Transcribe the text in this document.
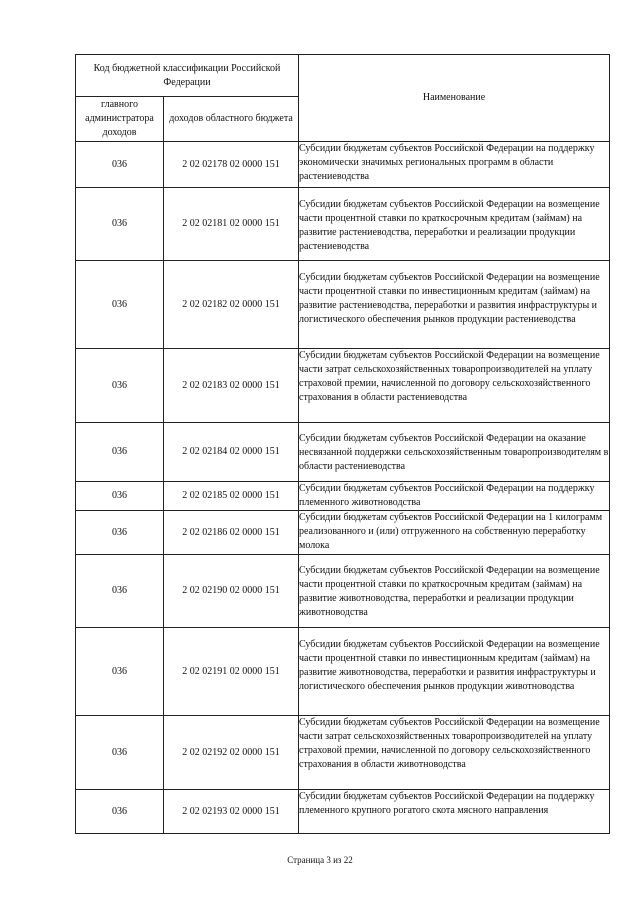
Код бюджетной классификации Российской Федерации		Наименование
главного администратора доходов	доходов областного бюджета	
036	2 02 02178 02 0000 151	Субсидии бюджетам субъектов Российской Федерации на поддержку экономически значимых региональных программ в области растениеводства
036	2 02 02181 02 0000 151	Субсидии бюджетам субъектов Российской Федерации на возмещение части процентной ставки по краткосрочным кредитам (займам) на развитие растениеводства, переработки и реализации продукции растениеводства
036	2 02 02182 02 0000 151	Субсидии бюджетам субъектов Российской Федерации на возмещение части процентной ставки по инвестиционным кредитам (займам) на развитие растениеводства, переработки и развития инфраструктуры и логистического обеспечения рынков продукции растениеводства
036	2 02 02183 02 0000 151	Субсидии бюджетам субъектов Российской Федерации на возмещение части затрат сельскохозяйственных товаропроизводителей на уплату страховой премии, начисленной по договору сельскохозяйственного страхования в области растениеводства
036	2 02 02184 02 0000 151	Субсидии бюджетам субъектов Российской Федерации на оказание несвязанной поддержки сельскохозяйственным товаропроизводителям в области растениеводства
036	2 02 02185 02 0000 151	Субсидии бюджетам субъектов Российской Федерации на поддержку племенного животноводства
036	2 02 02186 02 0000 151	Субсидии бюджетам субъектов Российской Федерации на 1 килограмм реализованного и (или) отгруженного на собственную переработку молока
036	2 02 02190 02 0000 151	Субсидии бюджетам субъектов Российской Федерации на возмещение части процентной ставки по краткосрочным кредитам (займам) на развитие животноводства, переработки и реализации продукции животноводства
036	2 02 02191 02 0000 151	Субсидии бюджетам субъектов Российской Федерации на возмещение части процентной ставки по инвестиционным кредитам (займам) на развитие животноводства, переработки и развития инфраструктуры и логистического обеспечения рынков продукции животноводства
036	2 02 02192 02 0000 151	Субсидии бюджетам субъектов Российской Федерации на возмещение части затрат сельскохозяйственных товаропроизводителей на уплату страховой премии, начисленной по договору сельскохозяйственного страхования в области животноводства
036	2 02 02193 02 0000 151	Субсидии бюджетам субъектов Российской Федерации на поддержку племенного крупного рогатого скота мясного направления
Страница 3 из 22
